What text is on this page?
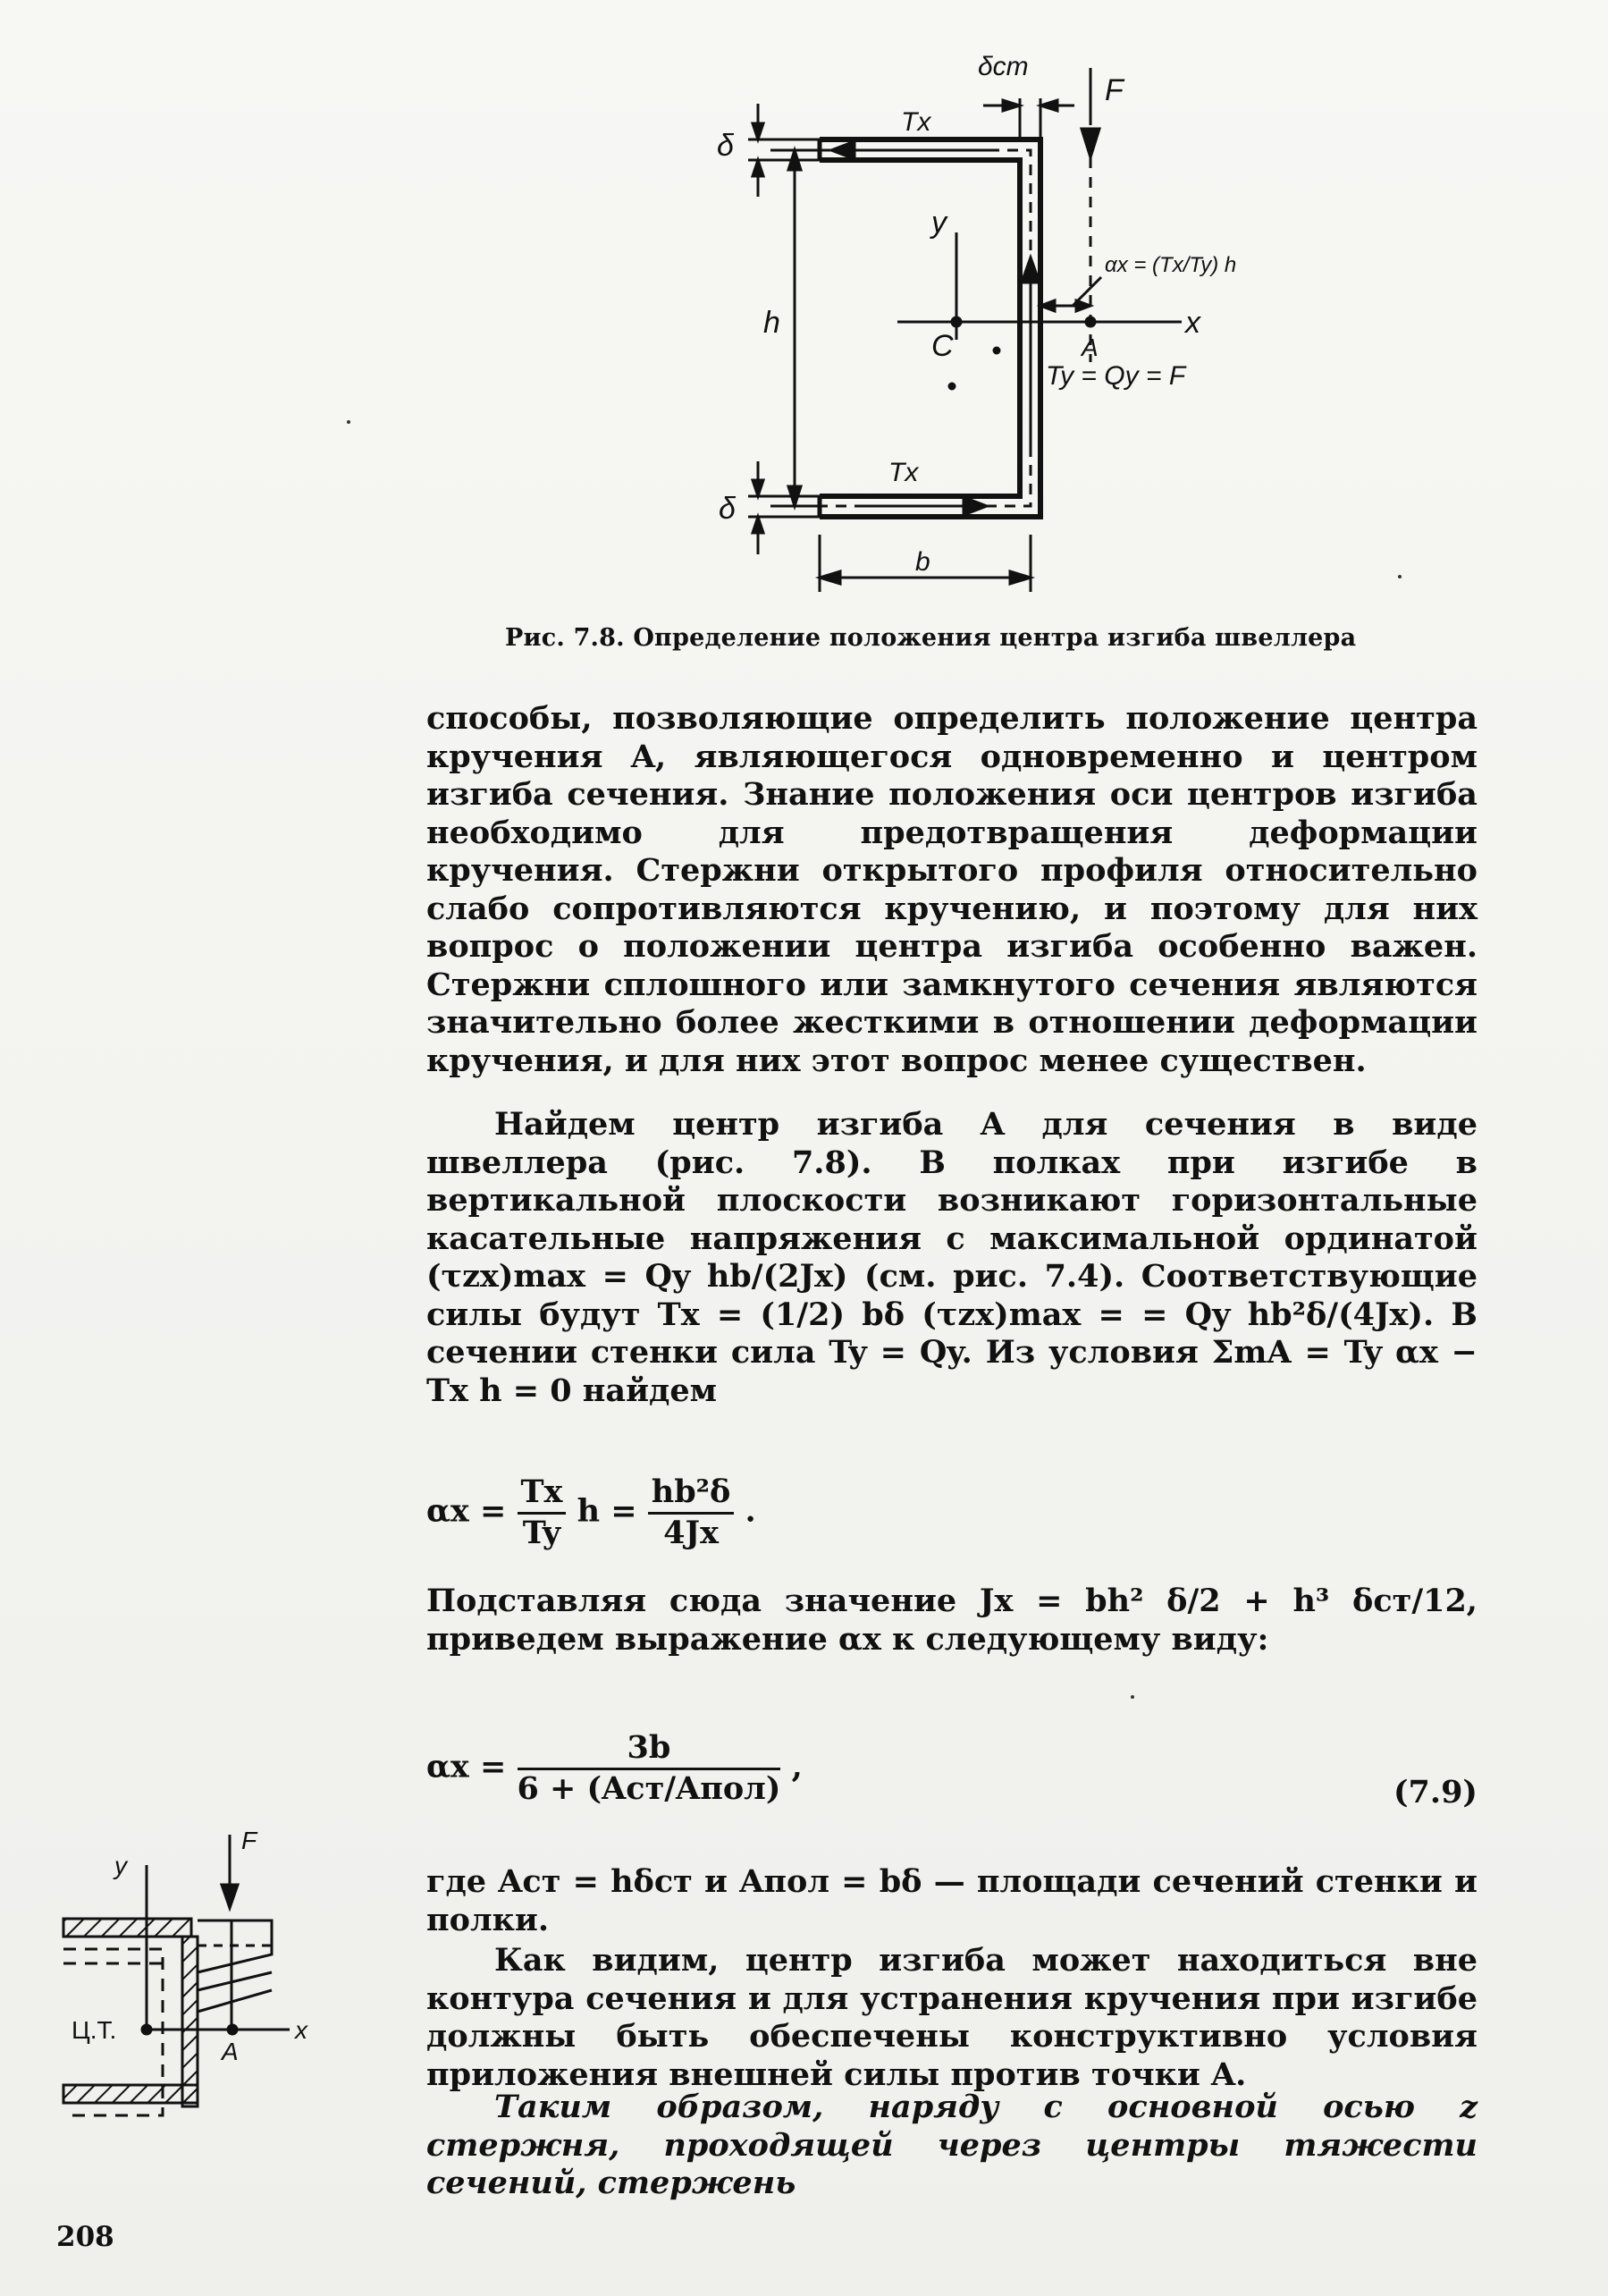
δ
δст
F
Tx
y
h
αx = (Tx/Ty) h
x
C	A
Ty = Qy = F
Tx
δ
b
Рис. 7.8. Определение положения центра изгиба швеллера
способы, позволяющие определить положение центра кручения A, являющегося одновременно и центром изгиба сечения. Знание положения оси центров изгиба необходимо для предотвращения деформации кручения. Стержни открытого профиля относительно слабо сопротивляются кручению, и поэтому для них вопрос о положении центра изгиба особенно важен. Стержни сплошного или замкнутого сечения являются значительно более жесткими в отношении деформации кручения, и для них этот вопрос менее существен.
Найдем центр изгиба A для сечения в виде швеллера (рис. 7.8). В полках при изгибе в вертикальной плоскости возникают горизонтальные касательные напряжения с максимальной ординатой (τzx)max = Qy hb/(2Jx) (см. рис. 7.4). Соответствующие силы будут Tx = (1/2) bδ (τzx)max = = Qy hb²δ/(4Jx). В сечении стенки сила Ty = Qy. Из условия ΣmA = Ty αx − Tx h = 0 найдем
$\alpha x = \frac{Tx}{Ty}$ $h = \frac{\text{hb²δ}}{4Jx}$ .
Подставляя сюда значение Jx = bh² δ/2 + h³ δст/12, приведем выражение αx к следующему виду:
$\alpha x = \frac{3b}{\text{6 + (Aст/Aпол)}}$ ,
(7.9)
где Aст = hδст и Aпол = bδ — площади сечений стенки и полки.
Как видим, центр изгиба может находиться вне контура сечения и для устранения кручения при изгибе должны быть обеспечены конструктивно условия приложения внешней силы против точки A.
Таким образом, наряду с основной осью z стержня, проходящей через центры тяжести сечений, стержень
y
F
Ц.Т.
A
x
208
